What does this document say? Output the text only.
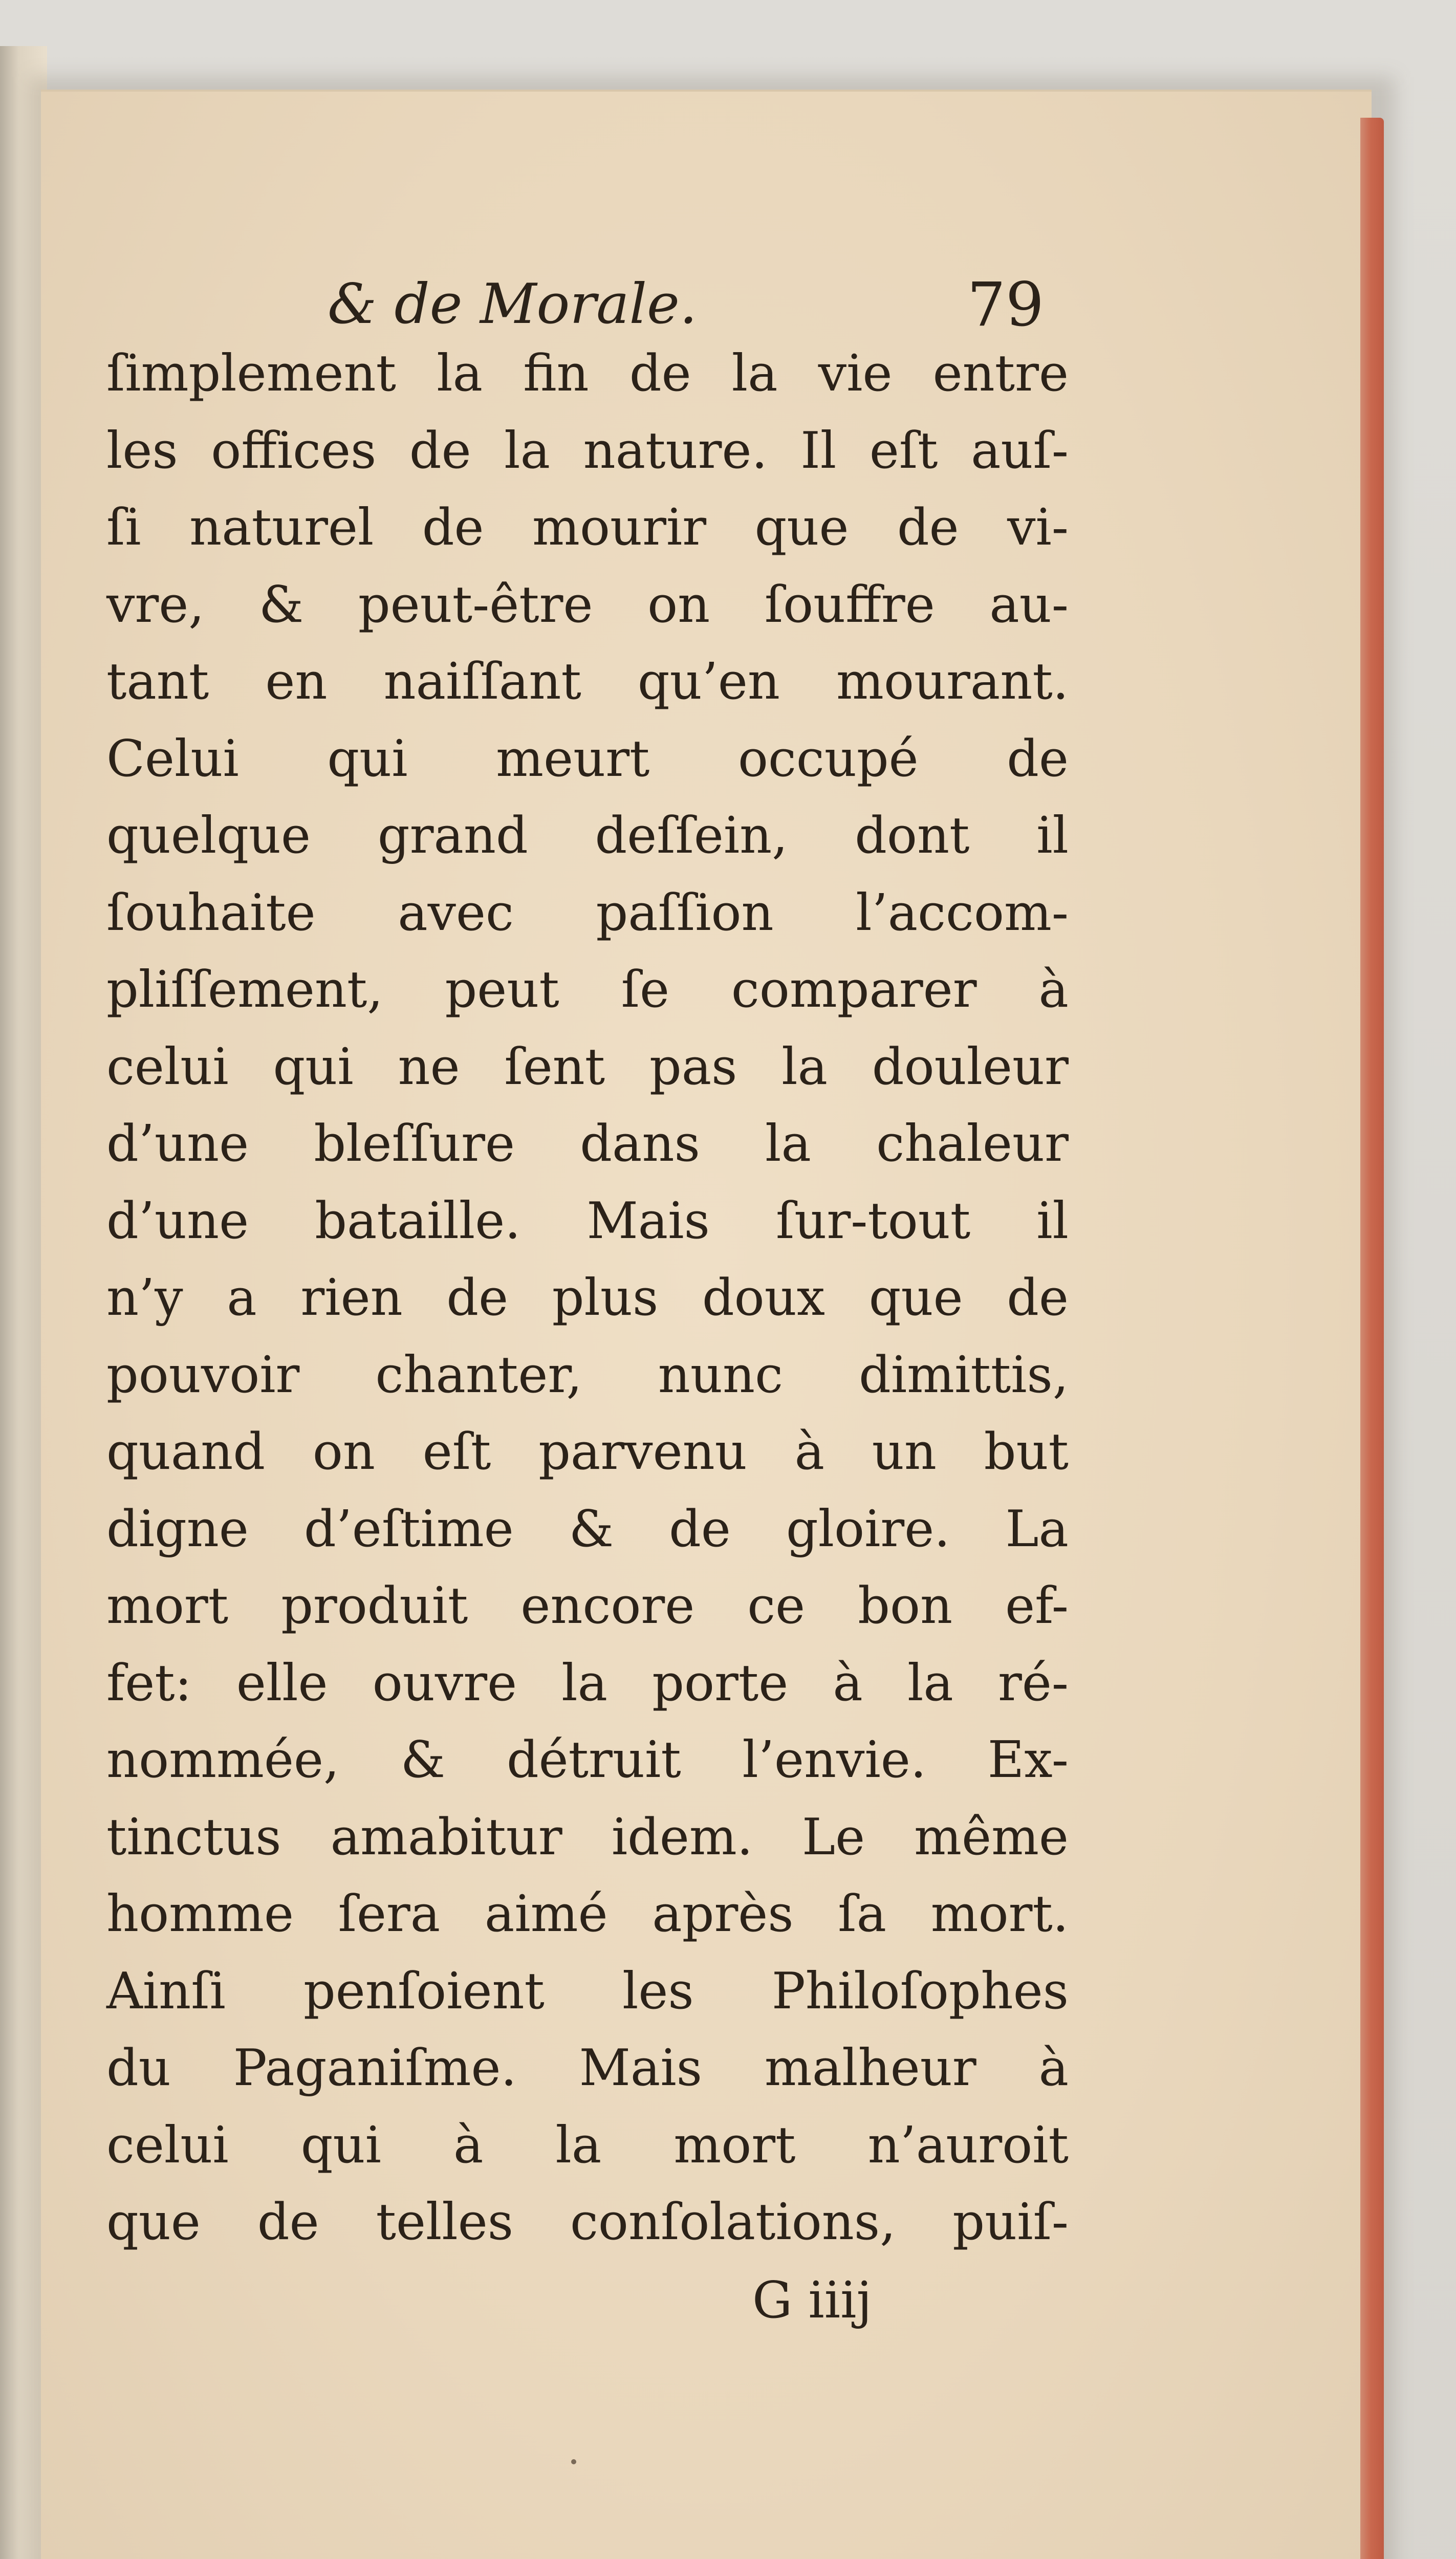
& de Morale.	79
ſimplement la fin de la vie entre
les offices de la nature. Il eſt auſ-
ſi naturel de mourir que de vi-
vre, & peut-être on ſouffre au-
tant en naiſſant qu’en mourant.
Celui qui meurt occupé de
quelque grand deſſein, dont il
ſouhaite avec paſſion l’accom-
pliſſement, peut ſe comparer à
celui qui ne ſent pas la douleur
d’une bleſſure dans la chaleur
d’une bataille. Mais ſur-tout il
n’y a rien de plus doux que de
pouvoir chanter, nunc dimittis,
quand on eſt parvenu à un but
digne d’eſtime & de gloire. La
mort produit encore ce bon ef-
fet: elle ouvre la porte à la ré-
nommée, & détruit l’envie. Ex-
tinctus amabitur idem. Le même
homme ſera aimé après ſa mort.
Ainſi penſoient les Philoſophes
du Paganiſme. Mais malheur à
celui qui à la mort n’auroit
que de telles conſolations, puiſ-
G iiij
